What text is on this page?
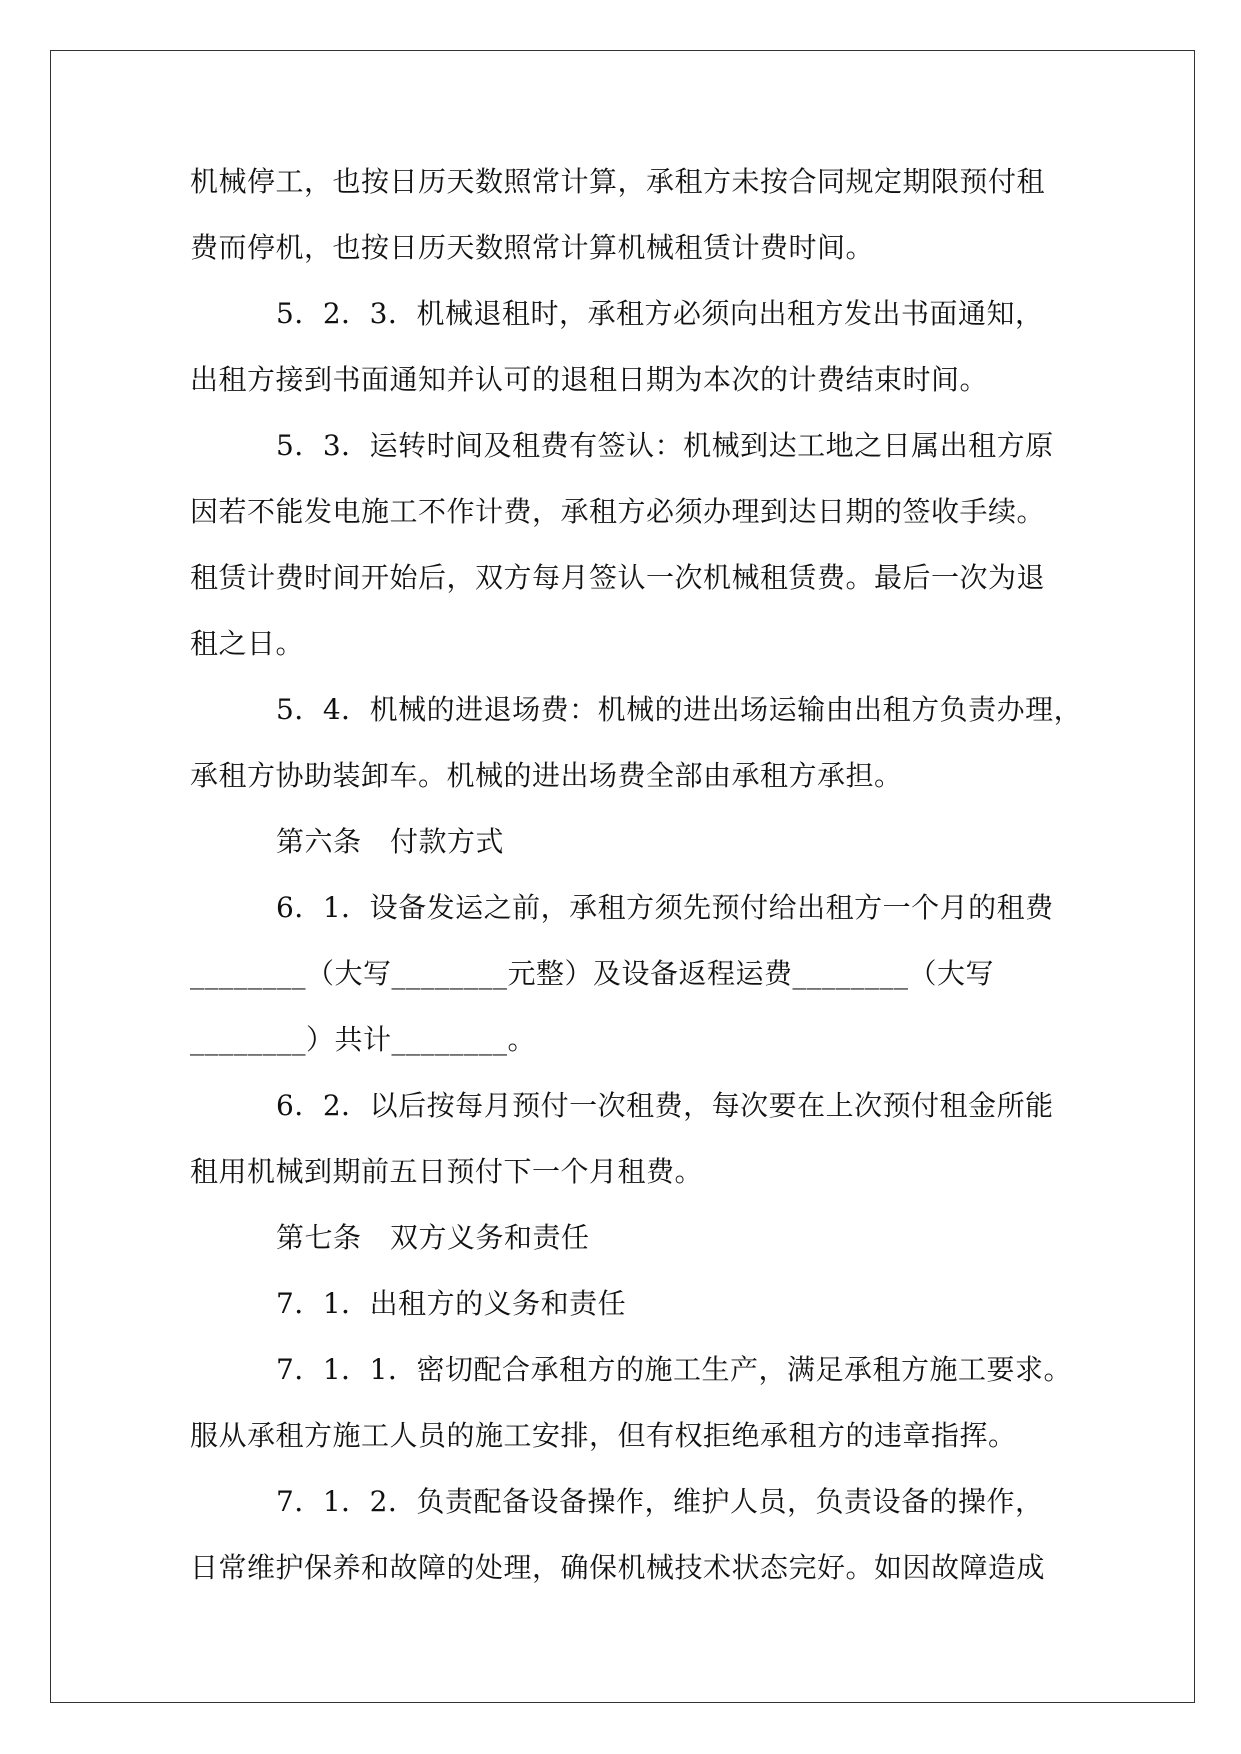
机械停工，也按日历天数照常计算，承租方未按合同规定期限预付租
费而停机，也按日历天数照常计算机械租赁计费时间。
5．2．3．机械退租时，承租方必须向出租方发出书面通知，
出租方接到书面通知并认可的退租日期为本次的计费结束时间。
5．3．运转时间及租费有签认：机械到达工地之日属出租方原
因若不能发电施工不作计费，承租方必须办理到达日期的签收手续。
租赁计费时间开始后，双方每月签认一次机械租赁费。最后一次为退
租之日。
5．4．机械的进退场费：机械的进出场运输由出租方负责办理，
承租方协助装卸车。机械的进出场费全部由承租方承担。
第六条　付款方式
6．1．设备发运之前，承租方须先预付给出租方一个月的租费
________（大写________元整）及设备返程运费________（大写
________）共计________。
6．2．以后按每月预付一次租费，每次要在上次预付租金所能
租用机械到期前五日预付下一个月租费。
第七条　双方义务和责任
7．1．出租方的义务和责任
7．1．1．密切配合承租方的施工生产，满足承租方施工要求。
服从承租方施工人员的施工安排，但有权拒绝承租方的违章指挥。
7．1．2．负责配备设备操作，维护人员，负责设备的操作，
日常维护保养和故障的处理，确保机械技术状态完好。如因故障造成
